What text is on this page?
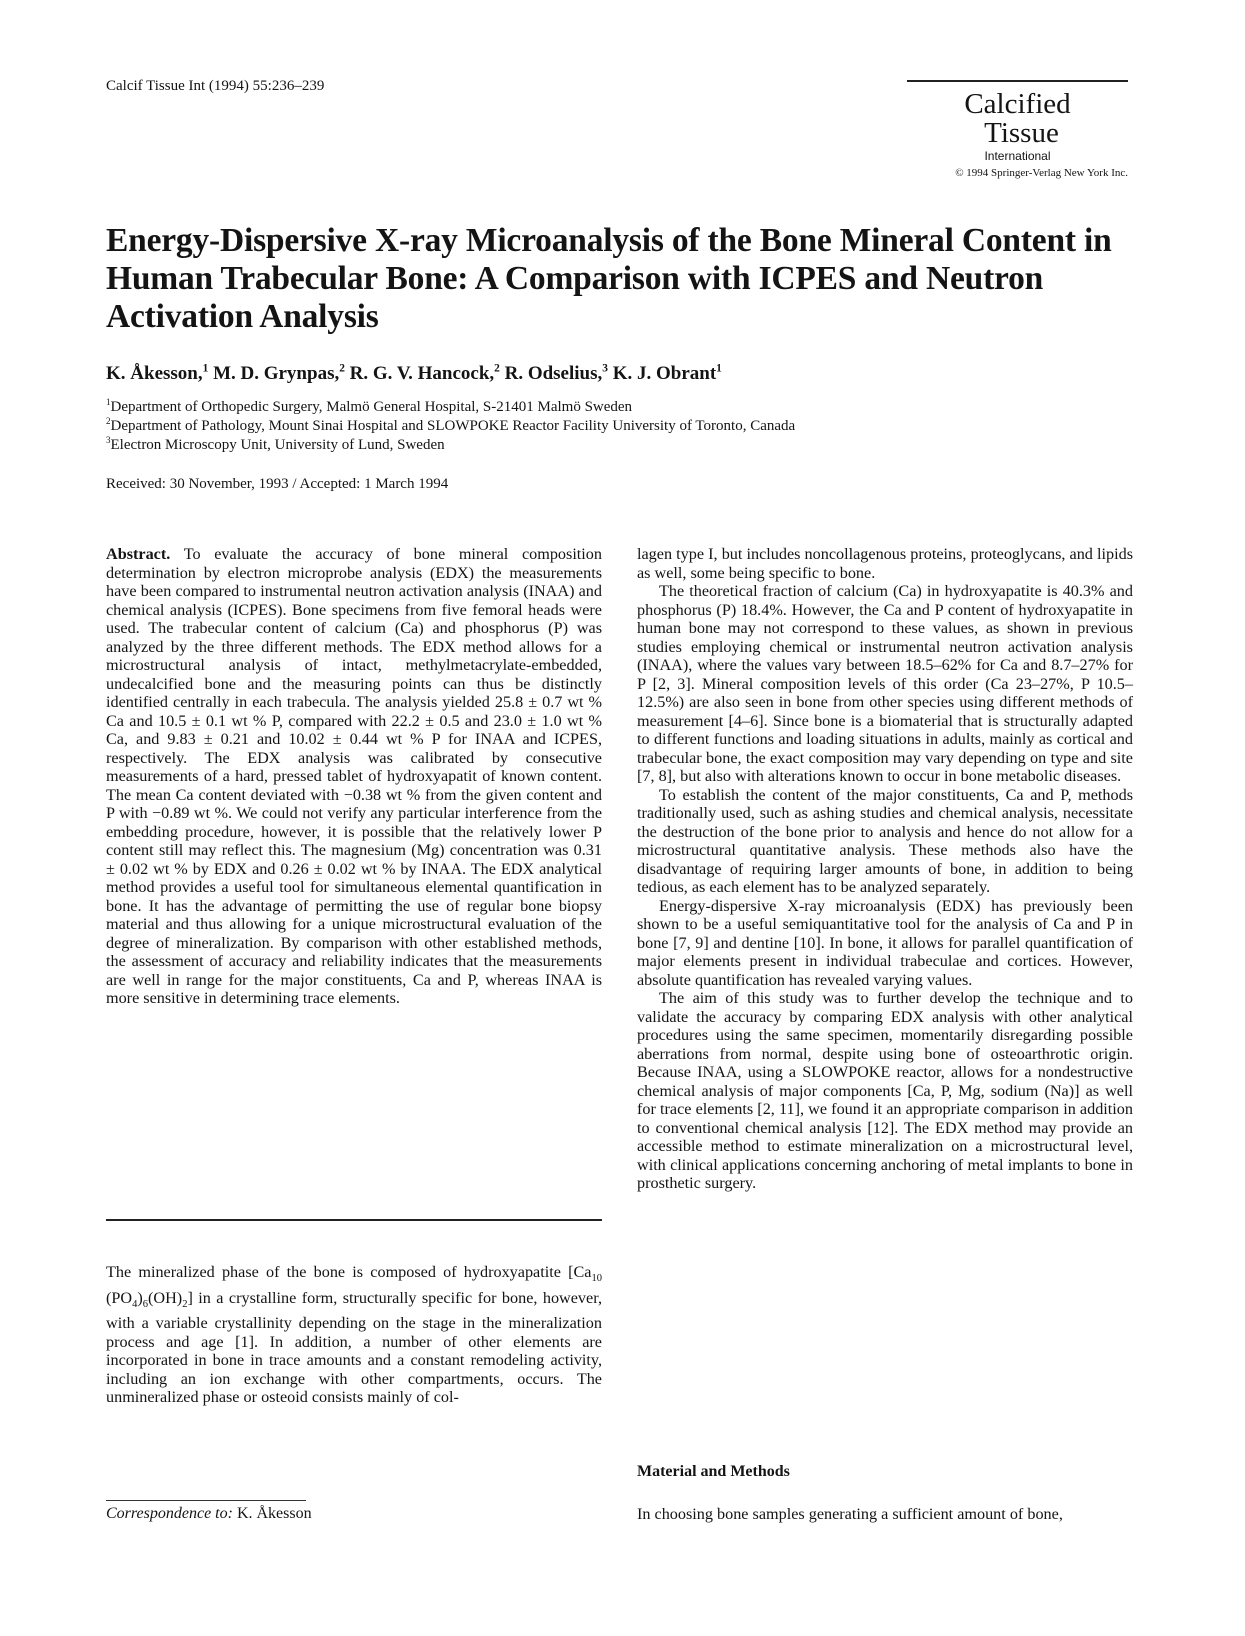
Calcif Tissue Int (1994) 55:236–239
Calcified
Tissue
International
© 1994 Springer-Verlag New York Inc.
Energy-Dispersive X-ray Microanalysis of the Bone Mineral Content in Human Trabecular Bone: A Comparison with ICPES and Neutron Activation Analysis
K. Åkesson,$^1$ M. D. Grynpas,$^2$ R. G. V. Hancock,$^2$ R. Odselius,$^3$ K. J. Obrant$^1$
$^1$Department of Orthopedic Surgery, Malmö General Hospital, S-21401 Malmö Sweden
$^2$Department of Pathology, Mount Sinai Hospital and SLOWPOKE Reactor Facility University of Toronto, Canada
$^3$Electron Microscopy Unit, University of Lund, Sweden
Received: 30 November, 1993 / Accepted: 1 March 1994

Abstract. To evaluate the accuracy of bone mineral composition determination by electron microprobe analysis (EDX) the measurements have been compared to instrumental neutron activation analysis (INAA) and chemical analysis (ICPES). Bone specimens from five femoral heads were used. The trabecular content of calcium (Ca) and phosphorus (P) was analyzed by the three different methods. The EDX method allows for a microstructural analysis of intact, methylmetacrylate-embedded, undecalcified bone and the measuring points can thus be distinctly identified centrally in each trabecula. The analysis yielded 25.8 ± 0.7 wt % Ca and 10.5 ± 0.1 wt % P, compared with 22.2 ± 0.5 and 23.0 ± 1.0 wt % Ca, and 9.83 ± 0.21 and 10.02 ± 0.44 wt % P for INAA and ICPES, respectively. The EDX analysis was calibrated by consecutive measurements of a hard, pressed tablet of hydroxyapatit of known content. The mean Ca content deviated with −0.38 wt % from the given content and P with −0.89 wt %. We could not verify any particular interference from the embedding procedure, however, it is possible that the relatively lower P content still may reflect this. The magnesium (Mg) concentration was 0.31 ± 0.02 wt % by EDX and 0.26 ± 0.02 wt % by INAA. The EDX analytical method provides a useful tool for simultaneous elemental quantification in bone. It has the advantage of permitting the use of regular bone biopsy material and thus allowing for a unique microstructural evaluation of the degree of mineralization. By comparison with other established methods, the assessment of accuracy and reliability indicates that the measurements are well in range for the major constituents, Ca and P, whereas INAA is more sensitive in determining trace elements.

The mineralized phase of the bone is composed of hydroxyapatite [$Ca_{10}$ $(PO_4)_6(OH)_2$] in a crystalline form, structurally specific for bone, however, with a variable crystallinity depending on the stage in the mineralization process and age [1]. In addition, a number of other elements are incorporated in bone in trace amounts and a constant remodeling activity, including an ion exchange with other compartments, occurs. The unmineralized phase or osteoid consists mainly of col-

lagen type I, but includes noncollagenous proteins, proteoglycans, and lipids as well, some being specific to bone.

The theoretical fraction of calcium (Ca) in hydroxyapatite is 40.3% and phosphorus (P) 18.4%. However, the Ca and P content of hydroxyapatite in human bone may not correspond to these values, as shown in previous studies employing chemical or instrumental neutron activation analysis (INAA), where the values vary between 18.5–62% for Ca and 8.7–27% for P [2, 3]. Mineral composition levels of this order (Ca 23–27%, P 10.5–12.5%) are also seen in bone from other species using different methods of measurement [4–6]. Since bone is a biomaterial that is structurally adapted to different functions and loading situations in adults, mainly as cortical and trabecular bone, the exact composition may vary depending on type and site [7, 8], but also with alterations known to occur in bone metabolic diseases.

To establish the content of the major constituents, Ca and P, methods traditionally used, such as ashing studies and chemical analysis, necessitate the destruction of the bone prior to analysis and hence do not allow for a microstructural quantitative analysis. These methods also have the disadvantage of requiring larger amounts of bone, in addition to being tedious, as each element has to be analyzed separately.

Energy-dispersive X-ray microanalysis (EDX) has previously been shown to be a useful semiquantitative tool for the analysis of Ca and P in bone [7, 9] and dentine [10]. In bone, it allows for parallel quantification of major elements present in individual trabeculae and cortices. However, absolute quantification has revealed varying values.

The aim of this study was to further develop the technique and to validate the accuracy by comparing EDX analysis with other analytical procedures using the same specimen, momentarily disregarding possible aberrations from normal, despite using bone of osteoarthrotic origin. Because INAA, using a SLOWPOKE reactor, allows for a nondestructive chemical analysis of major components [Ca, P, Mg, sodium (Na)] as well for trace elements [2, 11], we found it an appropriate comparison in addition to conventional chemical analysis [12]. The EDX method may provide an accessible method to estimate mineralization on a microstructural level, with clinical applications concerning anchoring of metal implants to bone in prosthetic surgery.

Material and Methods
In choosing bone samples generating a sufficient amount of bone,
Correspondence to: K. Åkesson
